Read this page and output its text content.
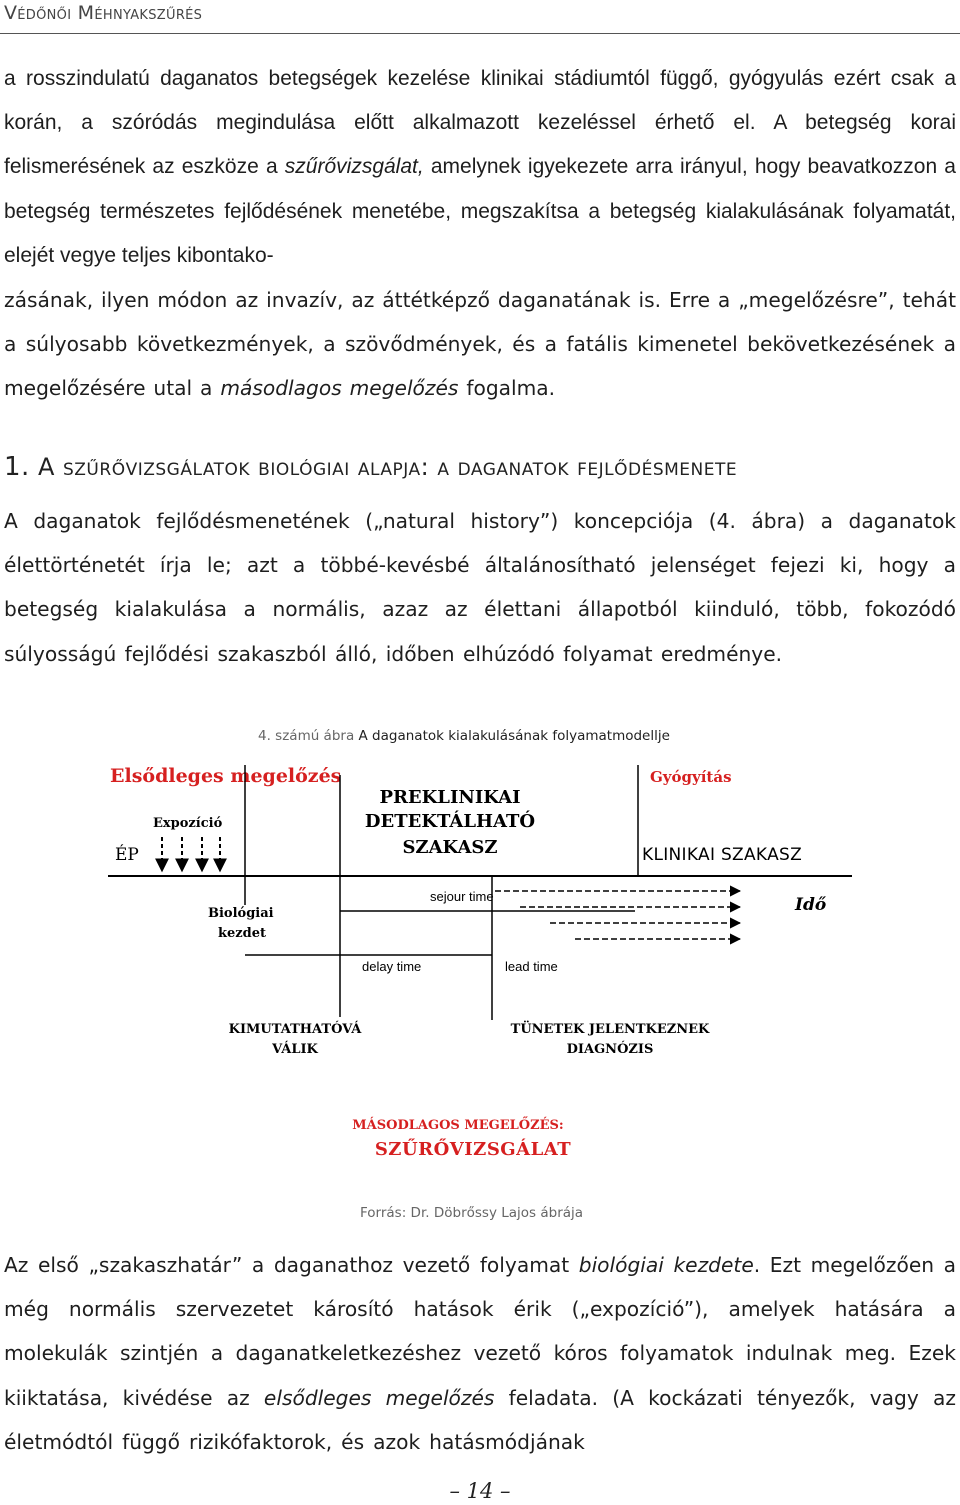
Védőnői Méhnyakszűrés

a rosszindulatú daganatos betegségek kezelése klinikai stádiumtól függő, gyógyulás ezért csak a korán, a szóródás megindulása előtt alkalmazott kezeléssel érhető el. A betegség korai felismerésének az eszköze a szűrővizsgálat, amelynek igyekezete arra irányul, hogy beavatkozzon a betegség természetes fejlődésének menetébe, megszakítsa a betegség kialakulásának folyamatát, elejét vegye teljes kibontako-

zásának, ilyen módon az invazív, az áttétképző daganatának is. Erre a „megelőzésre”, tehát a súlyosabb következmények, a szövődmények, és a fatális kimenetel bekövetkezésének a megelőzésére utal a másodlagos megelőzés fogalma.

1. A szűrővizsgálatok biológiai alapja: a daganatok fejlődésmenete

A daganatok fejlődésmenetének („natural history”) koncepciója (4. ábra) a daganatok élettörténetét írja le; azt a többé-kevésbé általánosítható jelenséget fejezi ki, hogy a betegség kialakulása a normális, azaz az élettani állapotból kiinduló, több, fokozódó súlyosságú fejlődési szakaszból álló, időben elhúzódó folyamat eredménye.

4. számú ábra A daganatok kialakulásának folyamatmodellje
Elsődleges megelőzés	Gyógyítás
PREKLINIKAI
DETEKTÁLHATÓ
SZAKASZ
Expozíció
ÉP	KLINIKAI SZAKASZ
sejour time	Idő
Biológiai
kezdet
delay time	lead time
KIMUTATHATÓVÁ
VÁLIK
TÜNETEK JELENTKEZNEK
DIAGNÓZIS
MÁSODLAGOS MEGELŐZÉS:
SZŰRŐVIZSGÁLAT
Forrás: Dr. Döbrőssy Lajos ábrája

Az első „szakaszhatár” a daganathoz vezető folyamat biológiai kezdete. Ezt megelőzően a még normális szervezetet károsító hatások érik („expozíció”), amelyek hatására a molekulák szintjén a daganatkeletkezéshez vezető kóros folyamatok indulnak meg. Ezek kiiktatása, kivédése az elsődleges megelőzés feladata. (A kockázati tényezők, vagy az életmódtól függő rizikófaktorok, és azok hatásmódjának

– 14 –
